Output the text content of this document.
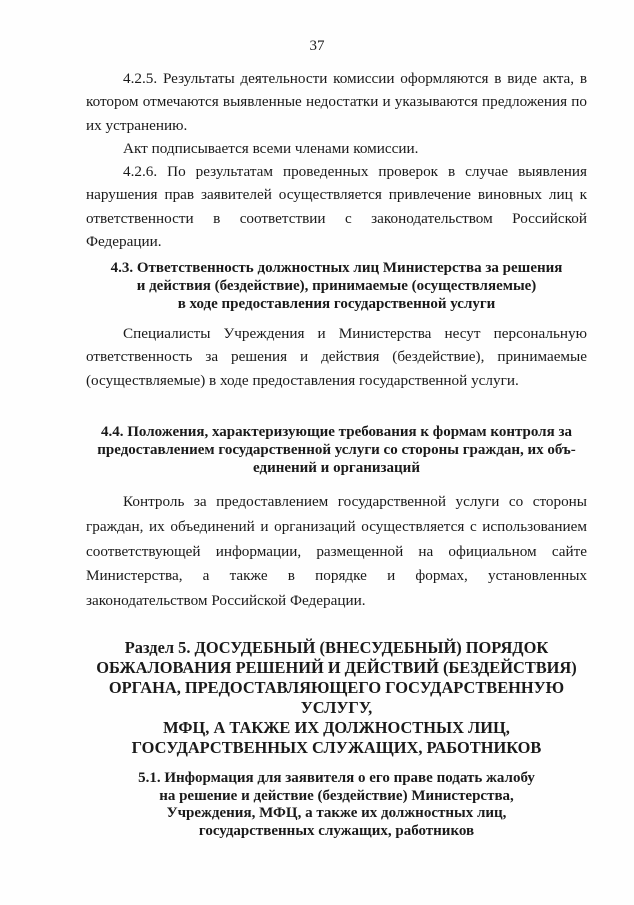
37

4.2.5. Результаты деятельности комиссии оформляются в виде акта, в котором отмечаются выявленные недостатки и указываются предложения по их устранению.

Акт подписывается всеми членами комиссии.

4.2.6. По результатам проведенных проверок в случае выявления нарушения прав заявителей осуществляется привлечение виновных лиц к ответственности в соответствии с законодательством Российской Федерации.

4.3. Ответственность должностных лиц Министерства за решения
и действия (бездействие), принимаемые (осуществляемые)
в ходе предоставления государственной услуги

Специалисты Учреждения и Министерства несут персональную ответственность за решения и действия (бездействие), принимаемые (осуществляемые) в ходе предоставления государственной услуги.

4.4. Положения, характеризующие требования к формам контроля за
предоставлением государственной услуги со стороны граждан, их объ-
единений и организаций

Контроль за предоставлением государственной услуги со стороны граждан, их объединений и организаций осуществляется с использованием соответствующей информации, размещенной на официальном сайте Министерства, а также в порядке и формах, установленных законодательством Российской Федерации.

Раздел 5. ДОСУДЕБНЫЙ (ВНЕСУДЕБНЫЙ) ПОРЯДОК
ОБЖАЛОВАНИЯ РЕШЕНИЙ И ДЕЙСТВИЙ (БЕЗДЕЙСТВИЯ)
ОРГАНА, ПРЕДОСТАВЛЯЮЩЕГО ГОСУДАРСТВЕННУЮ
УСЛУГУ,
МФЦ, А ТАКЖЕ ИХ ДОЛЖНОСТНЫХ ЛИЦ,
ГОСУДАРСТВЕННЫХ СЛУЖАЩИХ, РАБОТНИКОВ
5.1. Информация для заявителя о его праве подать жалобу
на решение и действие (бездействие) Министерства,
Учреждения, МФЦ, а также их должностных лиц,
государственных служащих, работников
